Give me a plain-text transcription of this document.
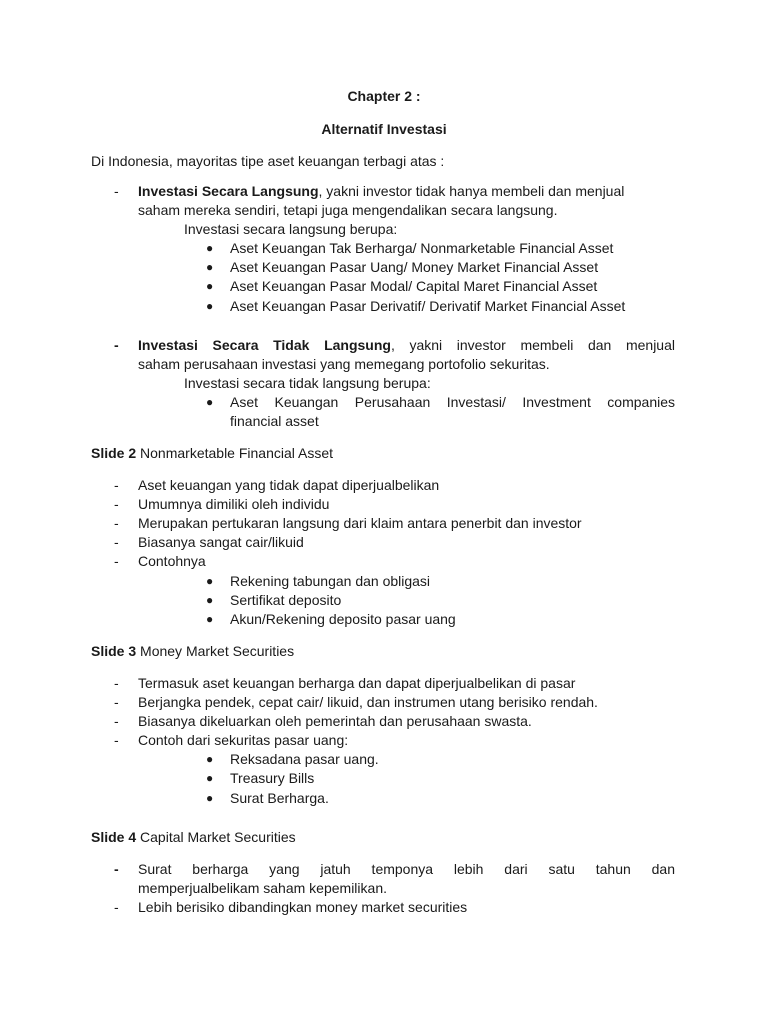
Chapter 2 :
Alternatif Investasi
Di Indonesia, mayoritas tipe aset keuangan terbagi atas :
- Investasi Secara Langsung, yakni investor tidak hanya membeli dan menjual
saham mereka sendiri, tetapi juga mengendalikan secara langsung.
Investasi secara langsung berupa:
● Aset Keuangan Tak Berharga/ Nonmarketable Financial Asset
● Aset Keuangan Pasar Uang/ Money Market Financial Asset
● Aset Keuangan Pasar Modal/ Capital Maret Financial Asset
● Aset Keuangan Pasar Derivatif/ Derivatif Market Financial Asset
- Investasi Secara Tidak Langsung, yakni investor membeli dan menjual
saham perusahaan investasi yang memegang portofolio sekuritas.
Investasi secara tidak langsung berupa:
● Aset Keuangan Perusahaan Investasi/ Investment companies
financial asset
Slide 2 Nonmarketable Financial Asset
- Aset keuangan yang tidak dapat diperjualbelikan
- Umumnya dimiliki oleh individu
- Merupakan pertukaran langsung dari klaim antara penerbit dan investor
- Biasanya sangat cair/likuid
- Contohnya
● Rekening tabungan dan obligasi
● Sertifikat deposito
● Akun/Rekening deposito pasar uang
Slide 3 Money Market Securities
- Termasuk aset keuangan berharga dan dapat diperjualbelikan di pasar
- Berjangka pendek, cepat cair/ likuid, dan instrumen utang berisiko rendah.
- Biasanya dikeluarkan oleh pemerintah dan perusahaan swasta.
- Contoh dari sekuritas pasar uang:
● Reksadana pasar uang.
● Treasury Bills
● Surat Berharga.
Slide 4 Capital Market Securities
- Surat berharga yang jatuh temponya lebih dari satu tahun dan
memperjualbelikam saham kepemilikan.
- Lebih berisiko dibandingkan money market securities
